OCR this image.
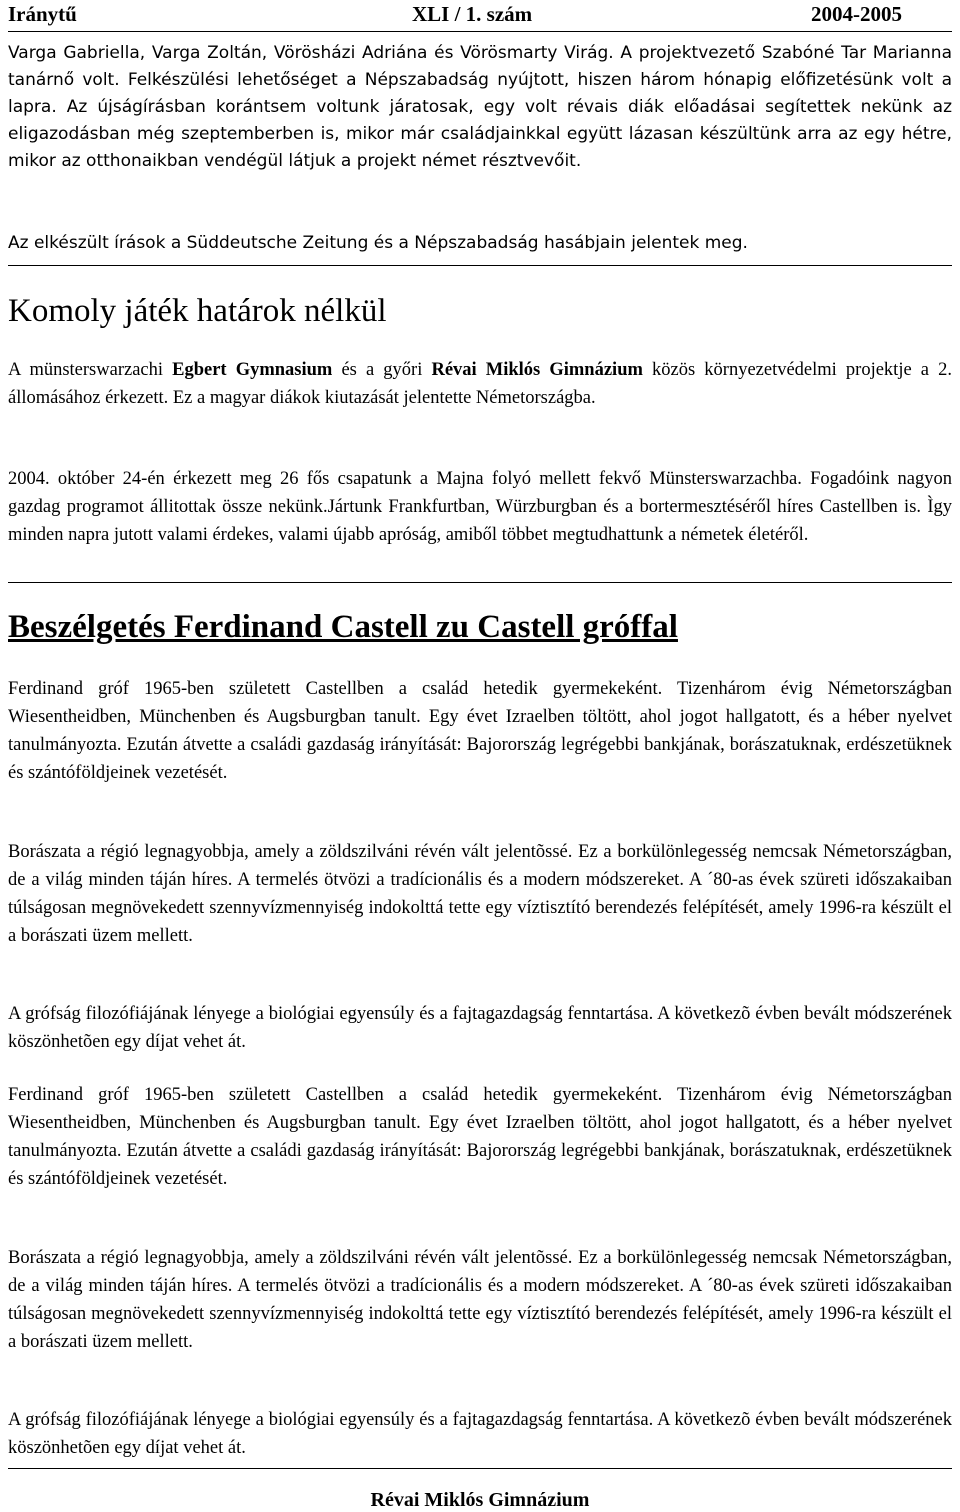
Iránytű	XLI / 1. szám	2004-2005

Varga Gabriella, Varga Zoltán, Vörösházi Adriána és Vörösmarty Virág. A projektvezető Szabóné Tar Marianna tanárnő volt. Felkészülési lehetőséget a Népszabadság nyújtott, hiszen három hónapig előfizetésünk volt a lapra. Az újságírásban korántsem voltunk járatosak, egy volt révais diák előadásai segítettek nekünk az eligazodásban még szeptemberben is, mikor már családjainkkal együtt lázasan készültünk arra az egy hétre, mikor az otthonaikban vendégül látjuk a projekt német résztvevőit.

Az elkészült írások a Süddeutsche Zeitung és a Népszabadság hasábjain jelentek meg.

Komoly játék határok nélkül

A münsterswarzachi Egbert Gymnasium és a győri Révai Miklós Gimnázium közös környezetvédelmi projektje a 2. állomásához érkezett. Ez a magyar diákok kiutazását jelentette Németországba.

2004. október 24-én érkezett meg 26 fős csapatunk a Majna folyó mellett fekvő Münsterswarzachba. Fogadóink nagyon gazdag programot állitottak össze nekünk.Jártunk Frankfurtban, Würzburgban és a bortermesztéséről híres Castellben is. Ìgy minden napra jutott valami érdekes, valami újabb apróság, amiből többet megtudhattunk a németek életéről.

Beszélgetés Ferdinand Castell zu Castell gróffal

Ferdinand gróf 1965-ben született Castellben a család hetedik gyermekeként. Tizenhárom évig Németországban Wiesentheidben, Münchenben és Augsburgban tanult. Egy évet Izraelben töltött, ahol jogot hallgatott, és a héber nyelvet tanulmányozta. Ezután átvette a családi gazdaság irányítását: Bajorország legrégebbi bankjának, borászatuknak, erdészetüknek és szántóföldjeinek vezetését.

Borászata a régió legnagyobbja, amely a zöldszilváni révén vált jelentõssé. Ez a borkülönlegesség nemcsak Németországban, de a világ minden táján híres. A termelés ötvözi a tradícionális és a modern módszereket. A ´80-as évek szüreti időszakaiban túlságosan megnövekedett szennyvízmennyiség indokolttá tette egy víztisztító berendezés felépítését, amely 1996-ra készült el a borászati üzem mellett.

A grófság filozófiájának lényege a biológiai egyensúly és a fajtagazdagság fenntartása. A következõ évben bevált módszerének köszönhetõen egy díjat vehet át.

Ferdinand gróf 1965-ben született Castellben a család hetedik gyermekeként. Tizenhárom évig Németországban Wiesentheidben, Münchenben és Augsburgban tanult. Egy évet Izraelben töltött, ahol jogot hallgatott, és a héber nyelvet tanulmányozta. Ezután átvette a családi gazdaság irányítását: Bajorország legrégebbi bankjának, borászatuknak, erdészetüknek és szántóföldjeinek vezetését.

Borászata a régió legnagyobbja, amely a zöldszilváni révén vált jelentõssé. Ez a borkülönlegesség nemcsak Németországban, de a világ minden táján híres. A termelés ötvözi a tradícionális és a modern módszereket. A ´80-as évek szüreti időszakaiban túlságosan megnövekedett szennyvízmennyiség indokolttá tette egy víztisztító berendezés felépítését, amely 1996-ra készült el a borászati üzem mellett.

A grófság filozófiájának lényege a biológiai egyensúly és a fajtagazdagság fenntartása. A következõ évben bevált módszerének köszönhetõen egy díjat vehet át.

Révai Miklós Gimnázium
